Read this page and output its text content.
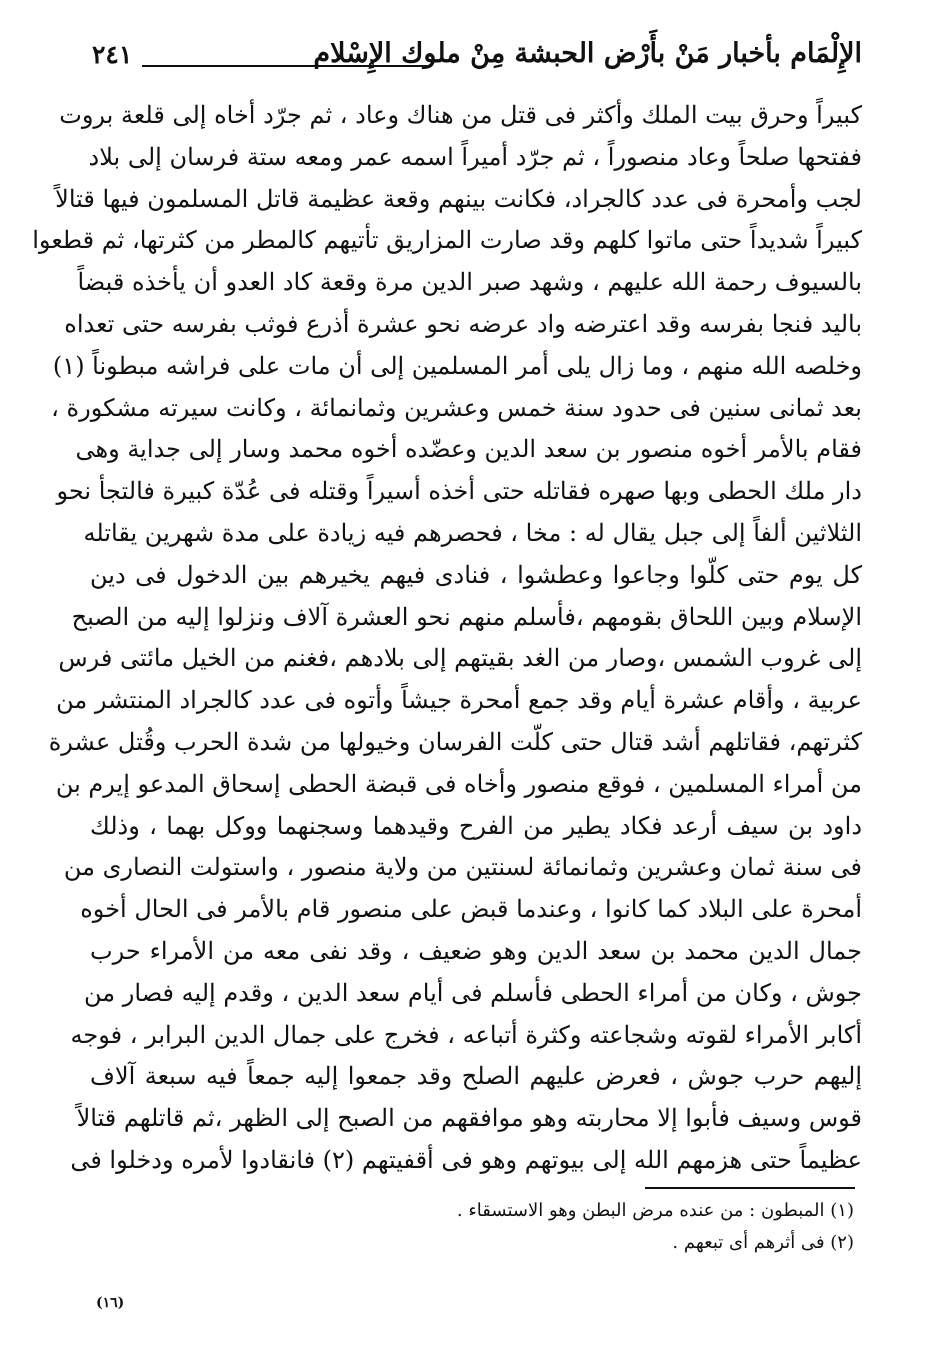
الإِلْمَام بأخبار مَنْ بأَرْض الحبشة مِنْ ملوك الإِسْلام
٢٤١
كبيراً وحرق بيت الملك وأكثر فى قتل من هناك وعاد ، ثم جرّد أخاه إلى قلعة بروت
ففتحها صلحاً وعاد منصوراً ، ثم جرّد أميراً اسمه عمر ومعه ستة فرسان إلى بلاد
لجب وأمحرة فى عدد كالجراد، فكانت بينهم وقعة عظيمة قاتل المسلمون فيها قتالاً
كبيراً شديداً حتى ماتوا كلهم وقد صارت المزاريق تأتيهم كالمطر من كثرتها، ثم قطعوا
بالسيوف رحمة الله عليهم ، وشهد صبر الدين مرة وقعة كاد العدو أن يأخذه قبضاً
باليد فنجا بفرسه وقد اعترضه واد عرضه نحو عشرة أذرع فوثب بفرسه حتى تعداه
وخلصه الله منهم ، وما زال يلى أمر المسلمين إلى أن مات على فراشه مبطوناً (١)
بعد ثمانى سنين فى حدود سنة خمس وعشرين وثمانمائة ، وكانت سيرته مشكورة ،
فقام بالأمر أخوه منصور بن سعد الدين وعضّده أخوه محمد وسار إلى جداية وهى
دار ملك الحطى وبها صهره فقاتله حتى أخذه أسيراً وقتله فى عُدّة كبيرة فالتجأ نحو
الثلاثين ألفاً إلى جبل يقال له : مخا ، فحصرهم فيه زيادة على مدة شهرين يقاتله
كل يوم حتى كلّوا وجاعوا وعطشوا ، فنادى فيهم يخيرهم بين الدخول فى دين
الإسلام وبين اللحاق بقومهم ،فأسلم منهم نحو العشرة آلاف ونزلوا إليه من الصبح
إلى غروب الشمس ،وصار من الغد بقيتهم إلى بلادهم ،فغنم من الخيل مائتى فرس
عربية ، وأقام عشرة أيام وقد جمع أمحرة جيشاً وأتوه فى عدد كالجراد المنتشر من
كثرتهم، فقاتلهم أشد قتال حتى كلّت الفرسان وخيولها من شدة الحرب وقُتل عشرة
من أمراء المسلمين ، فوقع منصور وأخاه فى قبضة الحطى إسحاق المدعو إيرم بن
داود بن سيف أرعد فكاد يطير من الفرح وقيدهما وسجنهما ووكل بهما ، وذلك
فى سنة ثمان وعشرين وثمانمائة لسنتين من ولاية منصور ، واستولت النصارى من
أمحرة على البلاد كما كانوا ، وعندما قبض على منصور قام بالأمر فى الحال أخوه
جمال الدين محمد بن سعد الدين وهو ضعيف ، وقد نفى معه من الأمراء حرب
جوش ، وكان من أمراء الحطى فأسلم فى أيام سعد الدين ، وقدم إليه فصار من
أكابر الأمراء لقوته وشجاعته وكثرة أتباعه ، فخرج على جمال الدين البرابر ، فوجه
إليهم حرب جوش ، فعرض عليهم الصلح وقد جمعوا إليه جمعاً فيه سبعة آلاف
قوس وسيف فأبوا إلا محاربته وهو موافقهم من الصبح إلى الظهر ،ثم قاتلهم قتالاً
عظيماً حتى هزمهم الله إلى بيوتهم وهو فى أقفيتهم (٢) فانقادوا لأمره ودخلوا فى
(١) المبطون : من عنده مرض البطن وهو الاستسقاء .
(٢) فى أثرهم أى تبعهم .
(١٦)
